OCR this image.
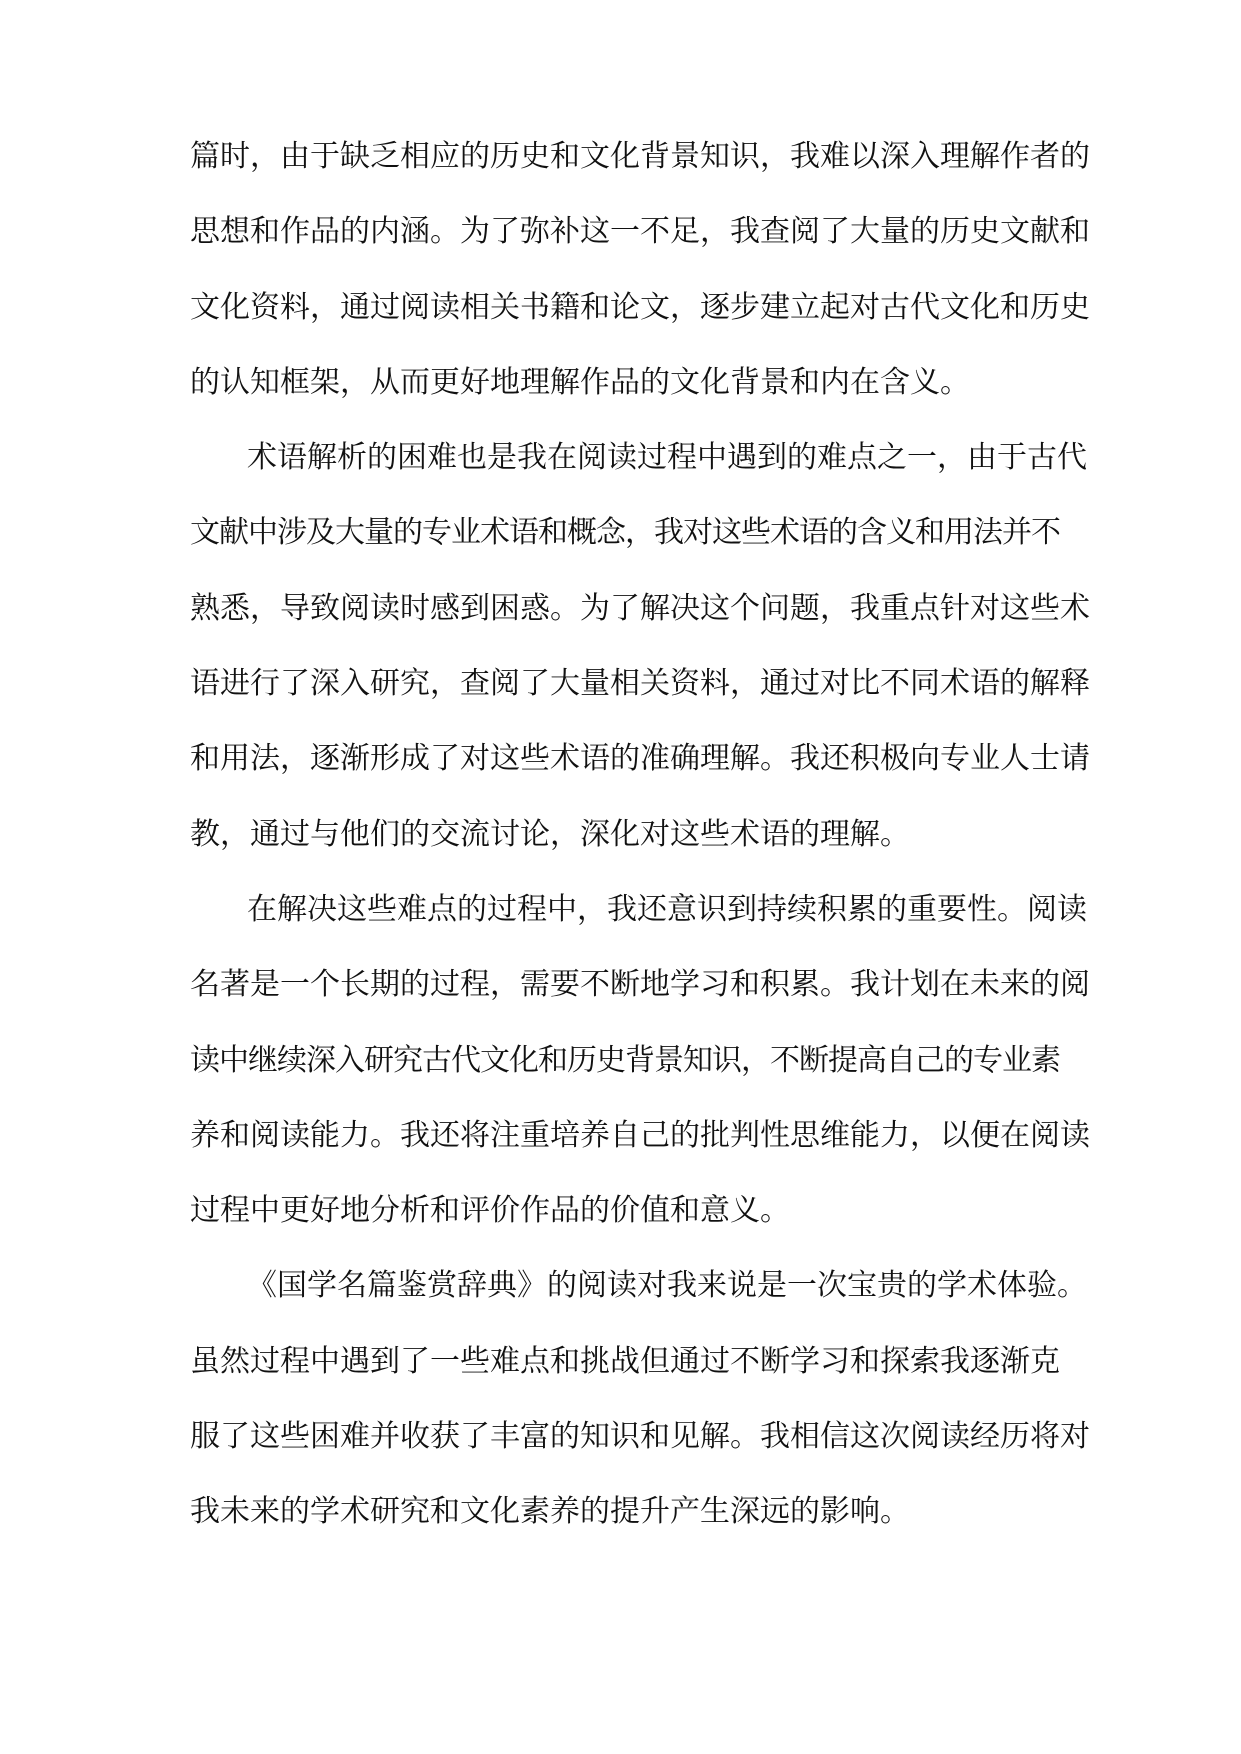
篇时，由于缺乏相应的历史和文化背景知识，我难以深入理解作者的
思想和作品的内涵。为了弥补这一不足，我查阅了大量的历史文献和
文化资料，通过阅读相关书籍和论文，逐步建立起对古代文化和历史
的认知框架，从而更好地理解作品的文化背景和内在含义。
术语解析的困难也是我在阅读过程中遇到的难点之一，由于古代
文献中涉及大量的专业术语和概念，我对这些术语的含义和用法并不
熟悉，导致阅读时感到困惑。为了解决这个问题，我重点针对这些术
语进行了深入研究，查阅了大量相关资料，通过对比不同术语的解释
和用法，逐渐形成了对这些术语的准确理解。我还积极向专业人士请
教，通过与他们的交流讨论，深化对这些术语的理解。
在解决这些难点的过程中，我还意识到持续积累的重要性。阅读
名著是一个长期的过程，需要不断地学习和积累。我计划在未来的阅
读中继续深入研究古代文化和历史背景知识，不断提高自己的专业素
养和阅读能力。我还将注重培养自己的批判性思维能力，以便在阅读
过程中更好地分析和评价作品的价值和意义。
《国学名篇鉴赏辞典》的阅读对我来说是一次宝贵的学术体验。
虽然过程中遇到了一些难点和挑战但通过不断学习和探索我逐渐克
服了这些困难并收获了丰富的知识和见解。我相信这次阅读经历将对
我未来的学术研究和文化素养的提升产生深远的影响。
